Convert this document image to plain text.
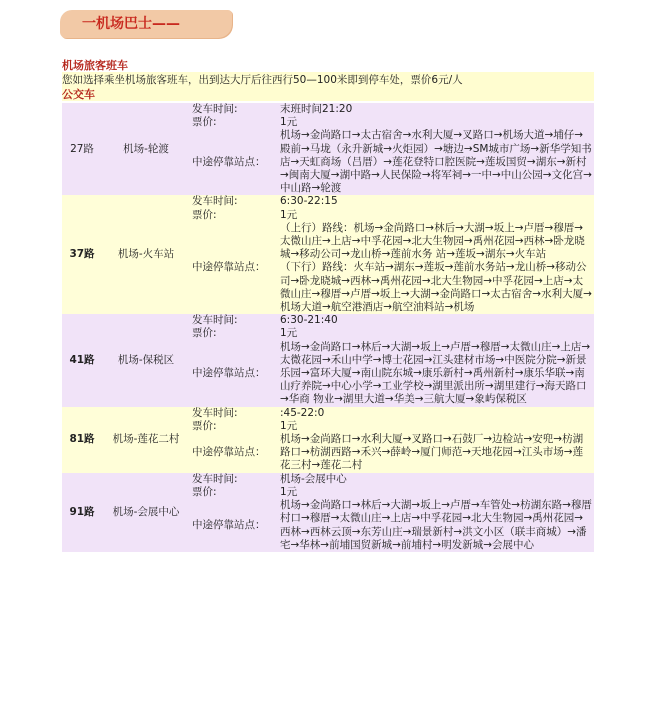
一机场巴士——
机场旅客班车
您如选择乘坐机场旅客班车，出到达大厅后往西行50—100米即到停车处，票价6元/人
公交车
27路	机场-轮渡	发车时间:	末班时间21:20
		票价:	1元
		中途停靠站点：	机场→金尚路口→太古宿舍→水利大厦→叉路口→机场大道→埔仔→殿前→马垅（永升新城→火炬园）→塘边→SM城市广场→新华学知书店→天虹商场（吕厝）→莲花登特口腔医院→莲坂国贸→湖东→新村→闽南大厦→湖中路→人民保险→将军祠→一中→中山公园→文化宫→中山路→轮渡
37路	机场-火车站	发车时间:	6:30-22:15
		票价:	1元
		中途停靠站点：	（上行）路线：机场→金尚路口→林后→大湖→坂上→卢厝→穆厝→太微山庄→上店→中孚花园→北大生物园→禹州花园→西林→卧龙晓城→移动公司→龙山桥→莲前水务 站→莲坂→湖东→火车站
			（下行）路线：火车站→湖东→莲坂→莲前水务站→龙山桥→移动公司→卧龙晓城→西林→禹州花园→北大生物园→中孚花园→上店→太微山庄→穆厝→卢厝→坂上→大湖→金尚路口→太古宿舍→水利大厦→机场大道→航空港酒店→航空油料站→机场
41路	机场-保税区	发车时间:	6:30-21:40
		票价:	1元
		中途停靠站点：	机场→金尚路口→林后→大湖→坂上→卢厝→穆厝→太微山庄→上店→太微花园→禾山中学→博士花园→江头建材市场→中医院分院→新景 乐园→富环大厦→南山院东城→康乐新村→禹州新村→康乐华联→南山疗养院→中心小学→工业学校→湖里派出所→湖里建行→海天路口→华商 物业→湖里大道→华美→三航大厦→象屿保税区
81路	机场-莲花二村	发车时间:	:45-22:0
		票价:	1元
		中途停靠站点：	机场→金尚路口→水利大厦→叉路口→石鼓厂→边检站→安兜→枋湖路口→枋湖西路→禾兴→薛岭→厦门师范→天地花园→江头市场→莲花三村→莲花二村
91路	机场-会展中心	发车时间:	机场-会展中心
		票价:	1元
		中途停靠站点：	机场→金尚路口→林后→大湖→坂上→卢厝→车管处→枋湖东路→穆厝村口→穆厝→太微山庄→上店→中孚花园→北大生物园→禹州花园→西林→西林云顶→东芳山庄→瑞景新村→洪文小区（联丰商城）→潘宅→华林→前埔国贸新城→前埔村→明发新城→会展中心
